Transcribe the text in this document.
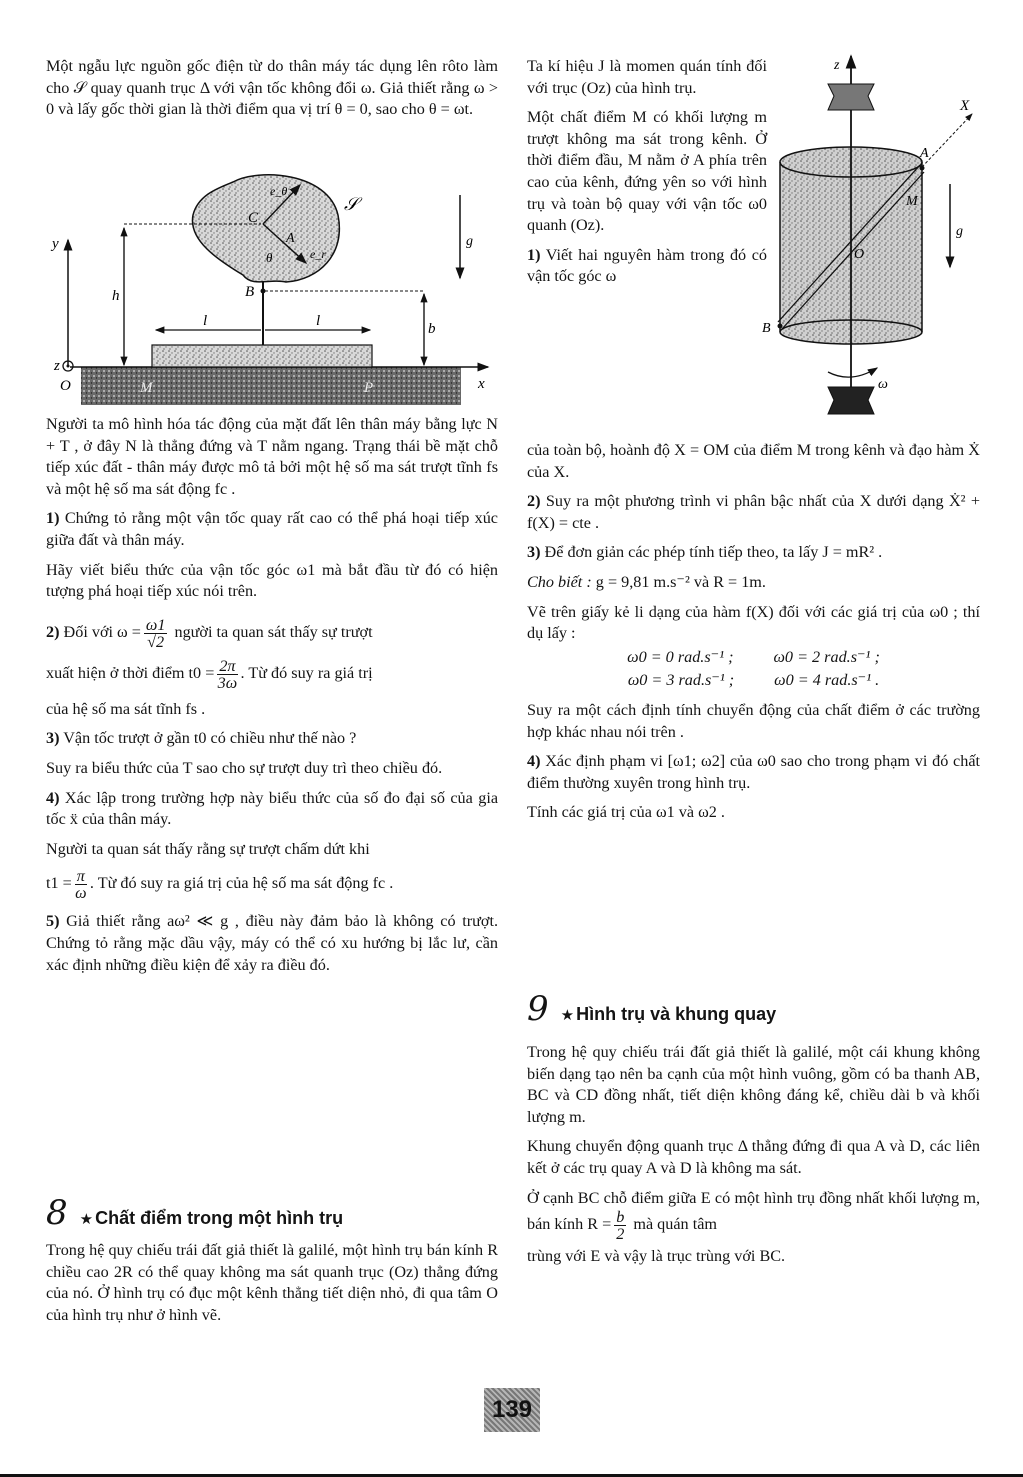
Một ngẫu lực nguồn gốc điện từ do thân máy tác dụng lên rôto làm cho 𝒮 quay quanh trục Δ với vận tốc không đổi ω. Giả thiết rằng ω > 0 và lấy gốc thời gian là thời điểm qua vị trí θ = 0, sao cho θ = ωt.

y
z
O	x
h
b
l	l
B
C
A
θ
e_θ
e_r
𝒮
M	P
g

Người ta mô hình hóa tác động của mặt đất lên thân máy bằng lực N + T , ở đây N là thẳng đứng và T nằm ngang. Trạng thái bề mặt chỗ tiếp xúc đất - thân máy được mô tả bởi một hệ số ma sát trượt tĩnh fs và một hệ số ma sát động fc .

1) Chứng tỏ rằng một vận tốc quay rất cao có thể phá hoại tiếp xúc giữa đất và thân máy.

Hãy viết biểu thức của vận tốc góc ω1 mà bắt đầu từ đó có hiện tượng phá hoại tiếp xúc nói trên.

2) Đối với $\omega = \frac{\omega 1}{√2}$ người ta quan sát thấy sự trượt

xuất hiện ở thời điểm $t0 = \frac{2\pi}{3\omega}$ . Từ đó suy ra giá trị

của hệ số ma sát tĩnh fs .

3) Vận tốc trượt ở gần t0 có chiều như thế nào ?

Suy ra biểu thức của T sao cho sự trượt duy trì theo chiều đó.

4) Xác lập trong trường hợp này biểu thức của số đo đại số của gia tốc ẍ của thân máy.

Người ta quan sát thấy rằng sự trượt chấm dứt khi

$t1 = \frac{\pi}{\omega}$ . Từ đó suy ra giá trị của hệ số ma sát động fc .

5) Giả thiết rằng aω² ≪ g , điều này đảm bảo là không có trượt. Chứng tỏ rằng mặc dầu vậy, máy có thể có xu hướng bị lắc lư, cần xác định những điều kiện để xảy ra điều đó.

8 ★ Chất điểm trong một hình trụ

Trong hệ quy chiếu trái đất giả thiết là galilé, một hình trụ bán kính R chiều cao 2R có thể quay không ma sát quanh trục (Oz) thẳng đứng của nó. Ở hình trụ có đục một kênh thẳng tiết diện nhỏ, đi qua tâm O của hình trụ như ở hình vẽ.

Ta kí hiệu J là momen quán tính đối với trục (Oz) của hình trụ.

Một chất điểm M có khối lượng m trượt không ma sát trong kênh. Ở thời điểm đầu, M nằm ở A phía trên cao của kênh, đứng yên so với hình trụ và toàn bộ quay với vận tốc ω0 quanh (Oz).

1) Viết hai nguyên hàm trong đó có vận tốc góc ω

z
X
A
M
O
B
g
ω

của toàn bộ, hoành độ X = OM của điểm M trong kênh và đạo hàm Ẋ của X.

2) Suy ra một phương trình vi phân bậc nhất của X dưới dạng Ẋ² + f(X) = cte .

3) Để đơn giản các phép tính tiếp theo, ta lấy J = mR² .

Cho biết : g = 9,81 m.s⁻² và R = 1m.

Vẽ trên giấy kẻ li dạng của hàm f(X) đối với các giá trị của ω0 ; thí dụ lấy :

ω0 = 0 rad.s⁻¹ ; ω0 = 2 rad.s⁻¹ ;
ω0 = 3 rad.s⁻¹ ; ω0 = 4 rad.s⁻¹ .

Suy ra một cách định tính chuyển động của chất điểm ở các trường hợp khác nhau nói trên .

4) Xác định phạm vi [ω1; ω2] của ω0 sao cho trong phạm vi đó chất điểm thường xuyên trong hình trụ.

Tính các giá trị của ω1 và ω2 .

9 ★ Hình trụ và khung quay

Trong hệ quy chiếu trái đất giả thiết là galilé, một cái khung không biến dạng tạo nên ba cạnh của một hình vuông, gồm có ba thanh AB, BC và CD đồng nhất, tiết diện không đáng kể, chiều dài b và khối lượng m.

Khung chuyển động quanh trục Δ thẳng đứng đi qua A và D, các liên kết ở các trụ quay A và D là không ma sát.

Ở cạnh BC chỗ điểm giữa E có một hình trụ đồng nhất khối lượng m, bán kính $R = \frac{b}{2}$ mà quán tâm

trùng với E và vậy là trục trùng với BC.

139
